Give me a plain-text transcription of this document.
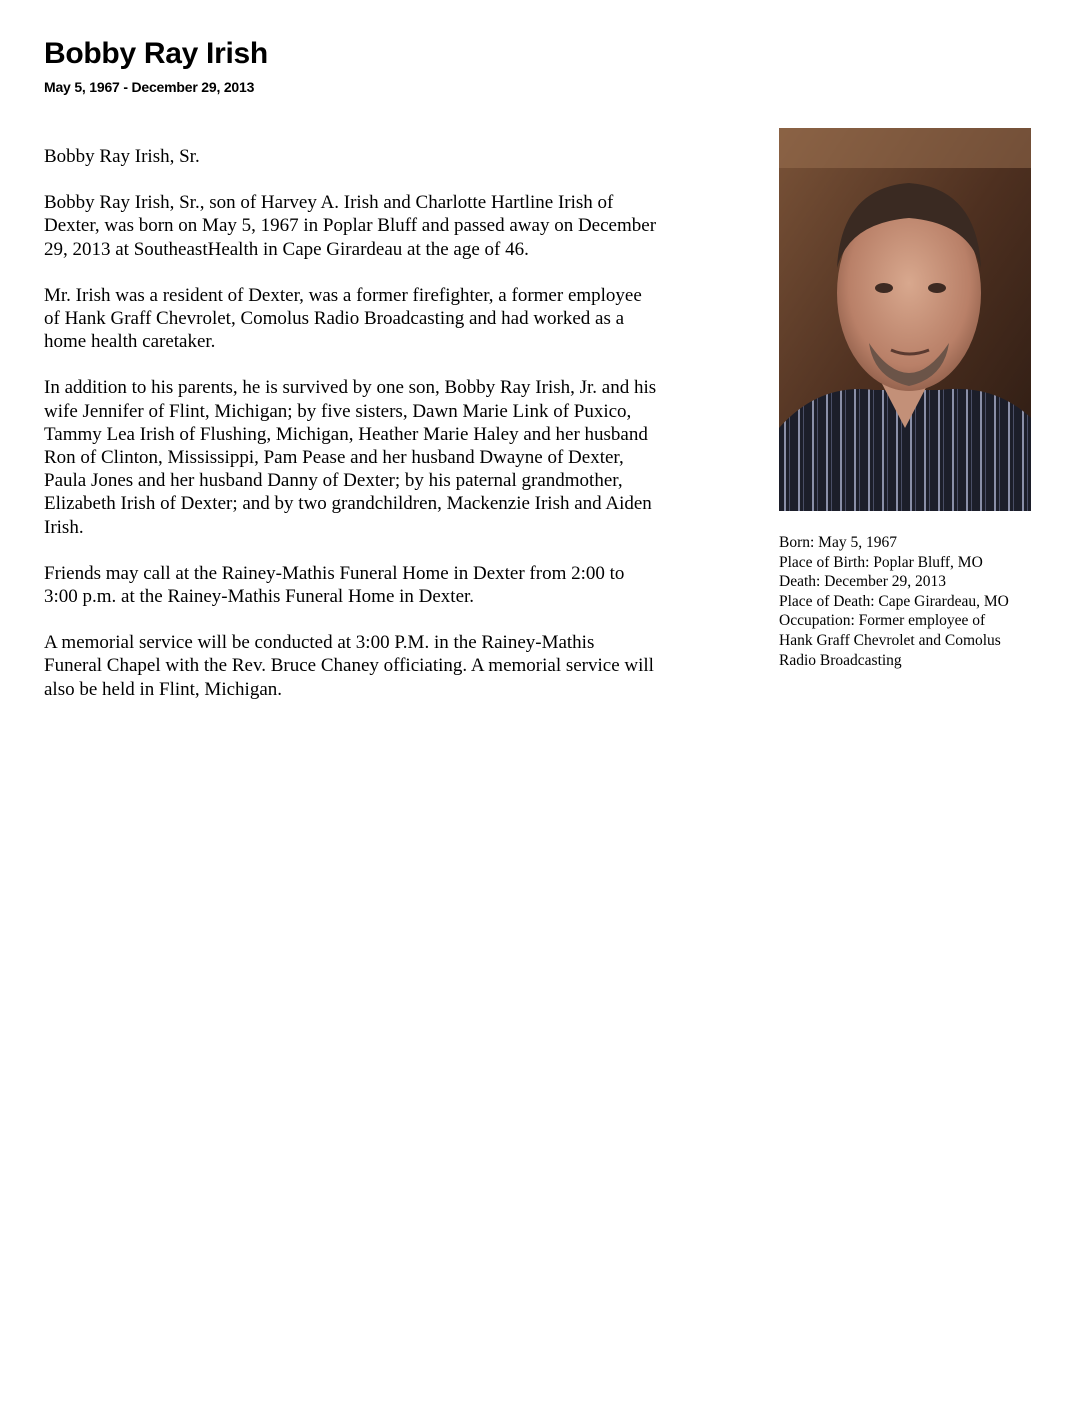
Bobby Ray Irish
May 5, 1967 - December 29, 2013

Bobby Ray Irish, Sr.

Bobby Ray Irish, Sr., son of Harvey A. Irish and Charlotte Hartline Irish of
Dexter, was born on May 5, 1967 in Poplar Bluff and passed away on December
29, 2013 at SoutheastHealth in Cape Girardeau at the age of 46.

Mr. Irish was a resident of Dexter, was a former firefighter, a former employee
of Hank Graff Chevrolet, Comolus Radio Broadcasting and had worked as a
home health caretaker.

In addition to his parents, he is survived by one son, Bobby Ray Irish, Jr. and his
wife Jennifer of Flint, Michigan; by five sisters, Dawn Marie Link of Puxico,
Tammy Lea Irish of Flushing, Michigan, Heather Marie Haley and her husband
Ron of Clinton, Mississippi, Pam Pease and her husband Dwayne of Dexter,
Paula Jones and her husband Danny of Dexter; by his paternal grandmother,
Elizabeth Irish of Dexter; and by two grandchildren, Mackenzie Irish and Aiden
Irish.

Friends may call at the Rainey-Mathis Funeral Home in Dexter from 2:00 to
3:00 p.m. at the Rainey-Mathis Funeral Home in Dexter.

A memorial service will be conducted at 3:00 P.M. in the Rainey-Mathis
Funeral Chapel with the Rev. Bruce Chaney officiating. A memorial service will
also be held in Flint, Michigan.

Born: May 5, 1967
Place of Birth: Poplar Bluff, MO
Death: December 29, 2013
Place of Death: Cape Girardeau, MO
Occupation: Former employee of
Hank Graff Chevrolet and Comolus
Radio Broadcasting
